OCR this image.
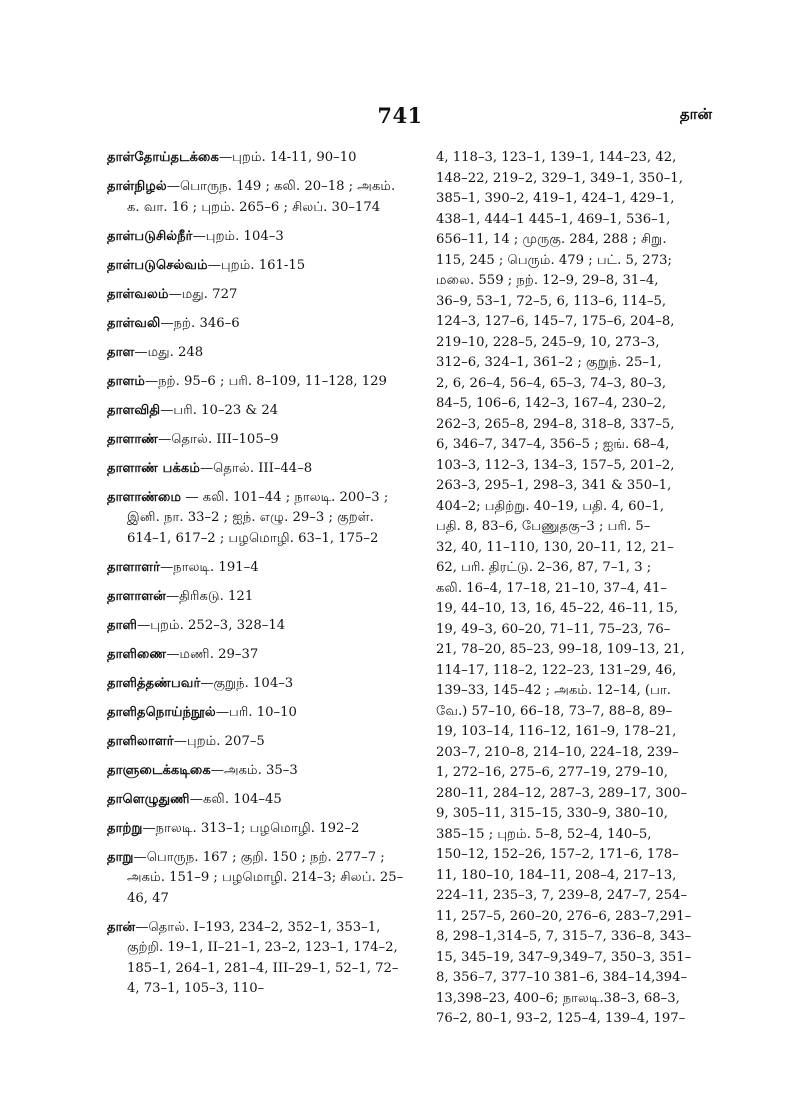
741	தான்
தாள்தோய்தடக்கை—புறம். 14-11, 90–10
தாள்நிழல்—பொருந. 149 ; கலி. 20–18 ; அகம். க. வா. 16 ; புறம். 265–6 ; சிலப். 30–174
தாள்படுசில்நீர்—புறம். 104–3
தாள்படுசெல்வம்—புறம். 161-15
தாள்வலம்—மது. 727
தாள்வலி—நற். 346–6
தாள—மது. 248
தாளம்—நற். 95–6 ; பரி. 8–109, 11–128, 129
தாளவிதி—பரி. 10–23 & 24
தாளாண்—தொல். III–105–9
தாளாண் பக்கம்—தொல். III–44–8
தாளாண்மை — கலி. 101–44 ; நாலடி. 200–3 ; இனி. நா. 33–2 ; ஐந். எழு. 29–3 ; குறள். 614–1, 617–2 ; பழமொழி. 63–1, 175–2
தாளாளர்—நாலடி. 191–4
தாளாளன்—திரிகடு. 121
தாளி—புறம். 252–3, 328–14
தாளிணை—மணி. 29–37
தாளித்தண்பவர்—குறுந். 104–3
தாளிதநொய்ந்நூல்—பரி. 10–10
தாளிலாளர்—புறம். 207–5
தாளுடைக்கடிகை—அகம். 35–3
தாளெழுதுணி—கலி. 104–45
தாற்று—நாலடி. 313–1; பழமொழி. 192–2
தாறு—பொருந. 167 ; குறி. 150 ; நற். 277–7 ; அகம். 151–9 ; பழமொழி. 214–3; சிலப். 25–46, 47
தான்—தொல். I–193, 234–2, 352–1, 353–1, குற்றி. 19–1, II–21–1, 23–2, 123–1, 174–2, 185–1, 264–1, 281–4, III–29–1, 52–1, 72–4, 73–1, 105–3, 110–
4, 118–3, 123–1, 139–1, 144–23, 42,
148–22, 219–2, 329–1, 349–1, 350–1,
385–1, 390–2, 419–1, 424–1, 429–1,
438–1, 444–1 445–1, 469–1, 536–1,
656–11, 14 ; முருகு. 284, 288 ; சிறு.
115, 245 ; பெரும். 479 ; பட். 5, 273;
மலை. 559 ; நற். 12–9, 29–8, 31–4,
36–9, 53–1, 72–5, 6, 113–6, 114–5,
124–3, 127–6, 145–7, 175–6, 204–8,
219–10, 228–5, 245–9, 10, 273–3,
312–6, 324–1, 361–2 ; குறுந். 25–1,
2, 6, 26–4, 56–4, 65–3, 74–3, 80–3,
84–5, 106–6, 142–3, 167–4, 230–2,
262–3, 265–8, 294–8, 318–8, 337–5,
6, 346–7, 347–4, 356–5 ; ஐங். 68–4,
103–3, 112–3, 134–3, 157–5, 201–2,
263–3, 295–1, 298–3, 341 & 350–1,
404–2; பதிற்று. 40–19, பதி. 4, 60–1,
பதி. 8, 83–6, பேணுதகு–3 ; பரி. 5–
32, 40, 11–110, 130, 20–11, 12, 21–
62, பரி. திரட்டு. 2–36, 87, 7–1, 3 ;
கலி. 16–4, 17–18, 21–10, 37–4, 41–
19, 44–10, 13, 16, 45–22, 46–11, 15,
19, 49–3, 60–20, 71–11, 75–23, 76–
21, 78–20, 85–23, 99–18, 109–13, 21,
114–17, 118–2, 122–23, 131–29, 46,
139–33, 145–42 ; அகம். 12–14, (பா.
வே.) 57–10, 66–18, 73–7, 88–8, 89–
19, 103–14, 116–12, 161–9, 178–21,
203–7, 210–8, 214–10, 224–18, 239–
1, 272–16, 275–6, 277–19, 279–10,
280–11, 284–12, 287–3, 289–17, 300–
9, 305–11, 315–15, 330–9, 380–10,
385–15 ; புறம். 5–8, 52–4, 140–5,
150–12, 152–26, 157–2, 171–6, 178–
11, 180–10, 184–11, 208–4, 217–13,
224–11, 235–3, 7, 239–8, 247–7, 254–
11, 257–5, 260–20, 276–6, 283–7,291–
8, 298–1,314–5, 7, 315–7, 336–8, 343–
15, 345–19, 347–9,349–7, 350–3, 351–
8, 356–7, 377–10 381–6, 384–14,394–
13,398–23, 400–6; நாலடி.38–3, 68–3,
76–2, 80–1, 93–2, 125–4, 139–4, 197–
